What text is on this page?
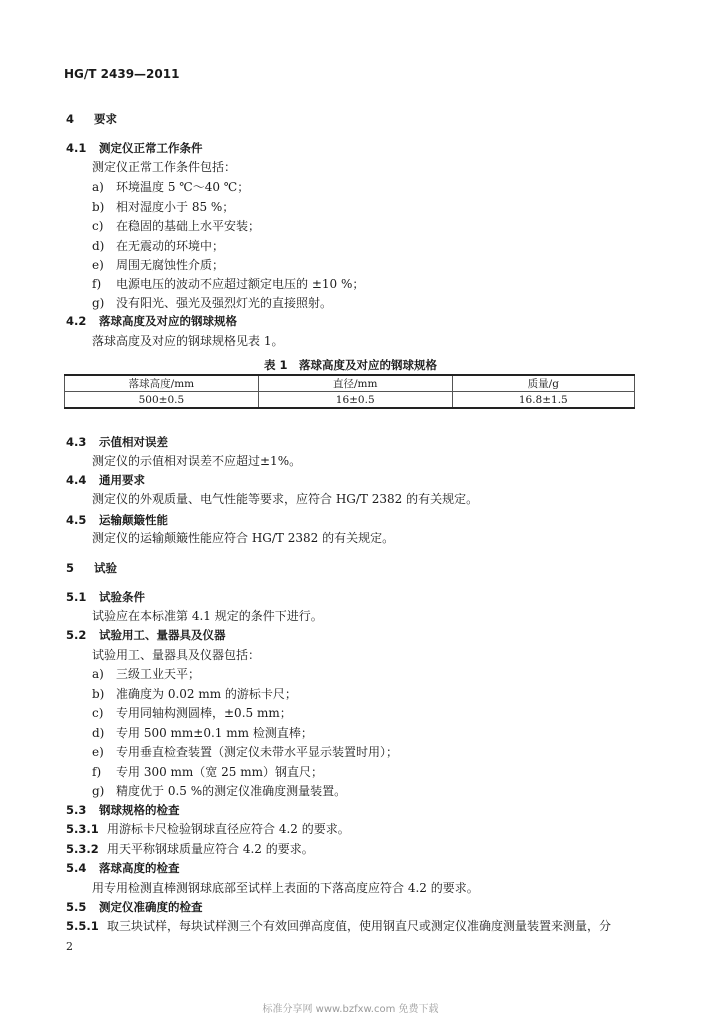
HG/T 2439—2011
4 要求
4.1 测定仪正常工作条件
测定仪正常工作条件包括：
a) 环境温度 5 ℃～40 ℃；
b) 相对湿度小于 85 %；
c) 在稳固的基础上水平安装；
d) 在无震动的环境中；
e) 周围无腐蚀性介质；
f) 电源电压的波动不应超过额定电压的 ±10 %；
g) 没有阳光、强光及强烈灯光的直接照射。
4.2 落球高度及对应的钢球规格
落球高度及对应的钢球规格见表 1。
表 1　落球高度及对应的钢球规格
落球高度/mm	直径/mm	质量/g
500±0.5	16±0.5	16.8±1.5
4.3 示值相对误差
测定仪的示值相对误差不应超过±1%。
4.4 通用要求
测定仪的外观质量、电气性能等要求，应符合 HG/T 2382 的有关规定。
4.5 运输颠簸性能
测定仪的运输颠簸性能应符合 HG/T 2382 的有关规定。
5 试验
5.1 试验条件
试验应在本标准第 4.1 规定的条件下进行。
5.2 试验用工、量器具及仪器
试验用工、量器具及仪器包括：
a) 三级工业天平；
b) 准确度为 0.02 mm 的游标卡尺；
c) 专用同轴构测圆棒，±0.5 mm；
d) 专用 500 mm±0.1 mm 检测直棒；
e) 专用垂直检查装置（测定仪未带水平显示装置时用）；
f) 专用 300 mm（宽 25 mm）钢直尺；
g) 精度优于 0.5 %的测定仪准确度测量装置。
5.3 钢球规格的检查
5.3.1 用游标卡尺检验钢球直径应符合 4.2 的要求。
5.3.2 用天平称钢球质量应符合 4.2 的要求。
5.4 落球高度的检查
用专用检测直棒测钢球底部至试样上表面的下落高度应符合 4.2 的要求。
5.5 测定仪准确度的检查
5.5.1 取三块试样，每块试样测三个有效回弹高度值，使用钢直尺或测定仪准确度测量装置来测量，分
2
标准分享网 www.bzfxw.com 免费下载
